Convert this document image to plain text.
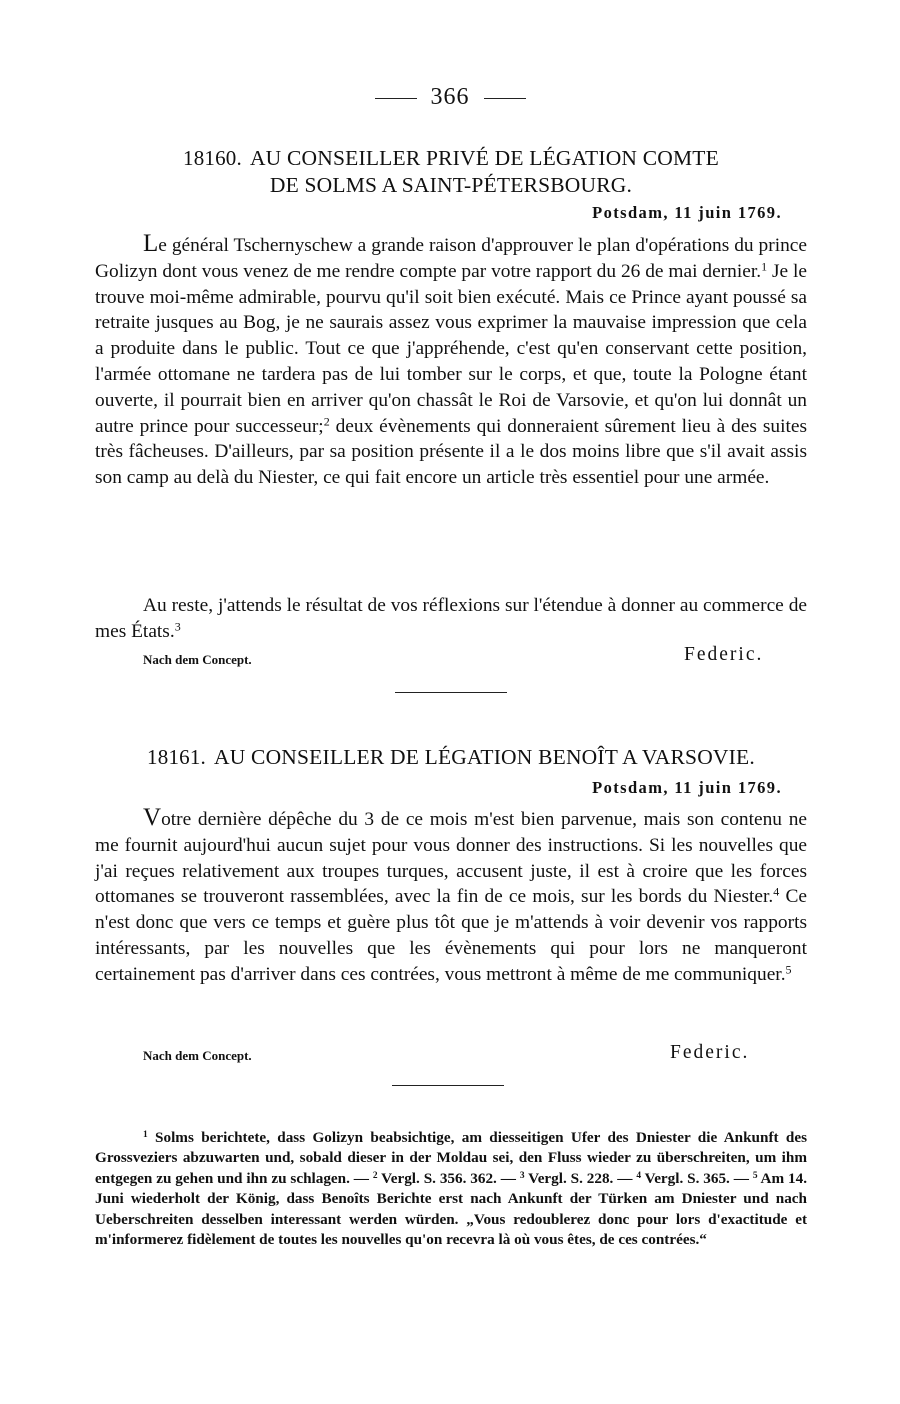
366
18160. AU CONSEILLER PRIVÉ DE LÉGATION COMTE
DE SOLMS A SAINT-PÉTERSBOURG.
Potsdam, 11 juin 1769.

Le général Tschernyschew a grande raison d'approuver le plan d'opérations du prince Golizyn dont vous venez de me rendre compte par votre rapport du 26 de mai dernier.$^1$ Je le trouve moi-même admirable, pourvu qu'il soit bien exécuté. Mais ce Prince ayant poussé sa retraite jusques au Bog, je ne saurais assez vous exprimer la mauvaise impression que cela a produite dans le public. Tout ce que j'appréhende, c'est qu'en conservant cette position, l'armée ottomane ne tardera pas de lui tomber sur le corps, et que, toute la Pologne étant ouverte, il pourrait bien en arriver qu'on chassât le Roi de Varsovie, et qu'on lui donnât un autre prince pour successeur;$^2$ deux évènements qui donneraient sûrement lieu à des suites très fâcheuses. D'ailleurs, par sa position présente il a le dos moins libre que s'il avait assis son camp au delà du Niester, ce qui fait encore un article très essentiel pour une armée.

Au reste, j'attends le résultat de vos réflexions sur l'étendue à donner au commerce de mes États.$^3$

Nach dem Concept.	Federic.
18161. AU CONSEILLER DE LÉGATION BENOÎT A VARSOVIE.
Potsdam, 11 juin 1769.

Votre dernière dépêche du 3 de ce mois m'est bien parvenue, mais son contenu ne me fournit aujourd'hui aucun sujet pour vous donner des instructions. Si les nouvelles que j'ai reçues relativement aux troupes turques, accusent juste, il est à croire que les forces ottomanes se trouveront rassemblées, avec la fin de ce mois, sur les bords du Niester.$^4$ Ce n'est donc que vers ce temps et guère plus tôt que je m'attends à voir devenir vos rapports intéressants, par les nouvelles que les évènements qui pour lors ne manqueront certainement pas d'arriver dans ces contrées, vous mettront à même de me communiquer.$^5$

Nach dem Concept.	Federic.

$^1$ Solms berichtete, dass Golizyn beabsichtige, am diesseitigen Ufer des Dniester die Ankunft des Grossveziers abzuwarten und, sobald dieser in der Moldau sei, den Fluss wieder zu überschreiten, um ihm entgegen zu gehen und ihn zu schlagen. — $^2$ Vergl. S. 356. 362. — $^3$ Vergl. S. 228. — $^4$ Vergl. S. 365. — $^5$ Am 14. Juni wiederholt der König, dass Benoîts Berichte erst nach Ankunft der Türken am Dniester und nach Ueberschreiten desselben interessant werden würden. „Vous redoublerez donc pour lors d'exactitude et m'informerez fidèlement de toutes les nouvelles qu'on recevra là où vous êtes, de ces contrées.“
